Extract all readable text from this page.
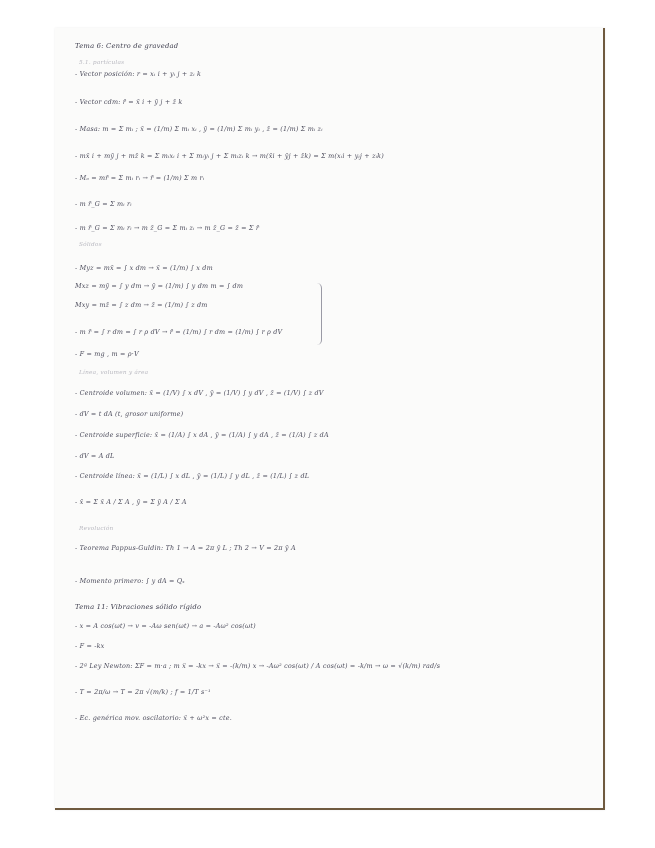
Tema 6: Centro de gravedad
5.1. partículas
- Vector posición: r = xᵢ i + yᵢ j + zᵢ k
- Vector cdm: r̄ = x̄ i + ȳ j + z̄ k
- Masa: m = Σ mᵢ ; x̄ = (1/m) Σ mᵢ xᵢ , ȳ = (1/m) Σ mᵢ yᵢ , z̄ = (1/m) Σ mᵢ zᵢ
- mx̄ i + mȳ j + mz̄ k = Σ mᵢxᵢ i + Σ mᵢyᵢ j + Σ mᵢzᵢ k → m(x̄i + ȳj + z̄k) = Σ m(xᵢi + yᵢj + zᵢk)
- Mₒ = mr̄ = Σ mᵢ rᵢ → r̄ = (1/m) Σ m rᵢ
- m r̄_G = Σ mᵢ rᵢ
- m r̄_G = Σ mᵢ rᵢ → m z̄_G = Σ mᵢ zᵢ → m z̄_G = z̄ = Σ r̄
Sólidos
- Myz = mx̄ = ∫ x dm → x̄ = (1/m) ∫ x dm
Mxz = mȳ = ∫ y dm → ȳ = (1/m) ∫ y dm m = ∫ dm
Mxy = mz̄ = ∫ z dm → z̄ = (1/m) ∫ z dm
- m r̄ = ∫ r dm = ∫ r ρ dV → r̄ = (1/m) ∫ r dm = (1/m) ∫ r ρ dV
- F = mg , m = ρ·V
Línea, volumen y área
- Centroide volumen: x̄ = (1/V) ∫ x dV , ȳ = (1/V) ∫ y dV , z̄ = (1/V) ∫ z dV
- dV = t dA (t, grosor uniforme)
- Centroide superficie: x̄ = (1/A) ∫ x dA , ȳ = (1/A) ∫ y dA , z̄ = (1/A) ∫ z dA
- dV = A dL
- Centroide línea: x̄ = (1/L) ∫ x dL , ȳ = (1/L) ∫ y dL , z̄ = (1/L) ∫ z dL
- x̄ = Σ x̄ A / Σ A , ȳ = Σ ȳ A / Σ A
Revolución
- Teorema Pappus-Guldin: Th 1 → A = 2π ȳ L ; Th 2 → V = 2π ȳ A
- Momento primero: ∫ y dA = Qₓ
Tema 11: Vibraciones sólido rígido
- x = A cos(ωt) → v = -Aω sen(ωt) → a = -Aω² cos(ωt)
- F = -kx
- 2ª Ley Newton: ΣF = m·a ; m ẍ = -kx → ẍ = -(k/m) x → -Aω² cos(ωt) / A cos(ωt) = -k/m → ω = √(k/m) rad/s
- T = 2π/ω → T = 2π √(m/k) ; f = 1/T s⁻¹
- Ec. genérica mov. oscilatorio: ẍ + ω²x = cte.
